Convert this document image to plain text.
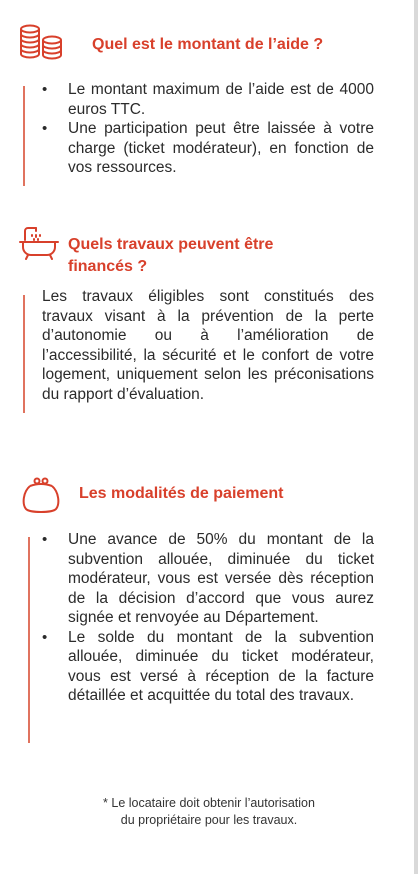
Quel est le montant de l’aide ?
• Le montant maximum de l’aide est de 4000 euros TTC.
• Une participation peut être laissée à votre charge (ticket modérateur), en fonction de vos ressources.
Quels travaux peuvent être
financés ?

Les travaux éligibles sont constitués des travaux visant à la prévention de la perte d’autonomie ou à l’amélioration de l’accessibilité, la sécurité et le confort de votre logement, uniquement selon les préconisations du rapport d’évaluation.

Les modalités de paiement
• Une avance de 50% du montant de la subvention allouée, diminuée du ticket modérateur, vous est versée dès réception de la décision d’accord que vous aurez signée et renvoyée au Département.
• Le solde du montant de la subvention allouée, diminuée du ticket modérateur, vous est versé à réception de la facture détaillée et acquittée du total des travaux.
* Le locataire doit obtenir l’autorisation
du propriétaire pour les travaux.
